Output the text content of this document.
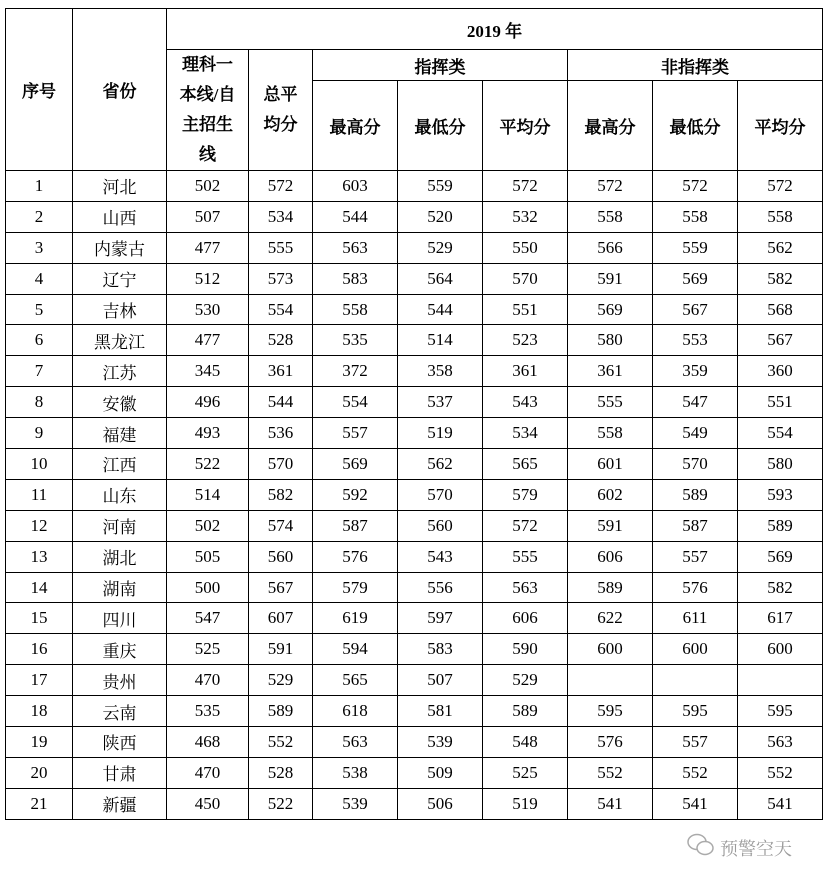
序号	省份	2019 年							
		理科一本线/自主招生线	总平均分	指挥类			非指挥类		
				最高分	最低分	平均分	最高分	最低分	平均分
1	河北	502	572	603	559	572	572	572	572
2	山西	507	534	544	520	532	558	558	558
3	内蒙古	477	555	563	529	550	566	559	562
4	辽宁	512	573	583	564	570	591	569	582
5	吉林	530	554	558	544	551	569	567	568
6	黑龙江	477	528	535	514	523	580	553	567
7	江苏	345	361	372	358	361	361	359	360
8	安徽	496	544	554	537	543	555	547	551
9	福建	493	536	557	519	534	558	549	554
10	江西	522	570	569	562	565	601	570	580
11	山东	514	582	592	570	579	602	589	593
12	河南	502	574	587	560	572	591	587	589
13	湖北	505	560	576	543	555	606	557	569
14	湖南	500	567	579	556	563	589	576	582
15	四川	547	607	619	597	606	622	611	617
16	重庆	525	591	594	583	590	600	600	600
17	贵州	470	529	565	507	529			
18	云南	535	589	618	581	589	595	595	595
19	陕西	468	552	563	539	548	576	557	563
20	甘肃	470	528	538	509	525	552	552	552
21	新疆	450	522	539	506	519	541	541	541
预警空天
